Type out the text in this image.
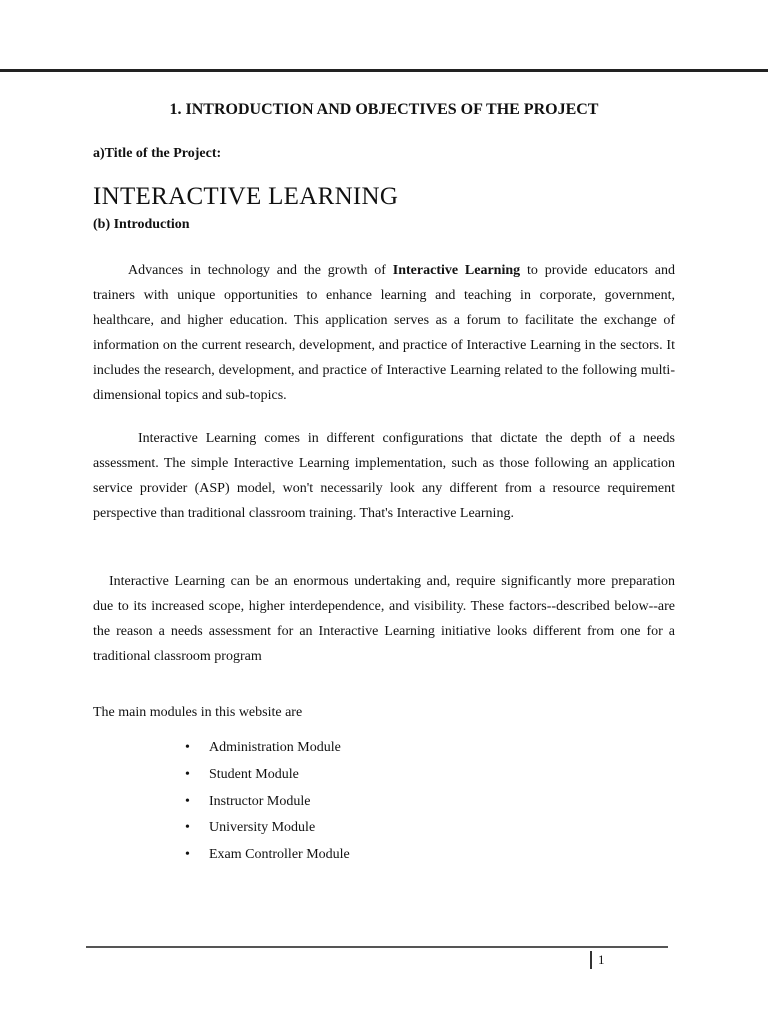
1. INTRODUCTION AND OBJECTIVES OF THE PROJECT
a)Title of the Project:
INTERACTIVE LEARNING
(b) Introduction

Advances in technology and the growth of Interactive Learning to provide educators and trainers with unique opportunities to enhance learning and teaching in corporate, government, healthcare, and higher education. This application serves as a forum to facilitate the exchange of information on the current research, development, and practice of Interactive Learning in the sectors. It includes the research, development, and practice of Interactive Learning related to the following multi-dimensional topics and sub-topics.

Interactive Learning comes in different configurations that dictate the depth of a needs assessment. The simple Interactive Learning implementation, such as those following an application service provider (ASP) model, won't necessarily look any different from a resource requirement perspective than traditional classroom training. That's Interactive Learning.

Interactive Learning can be an enormous undertaking and, require significantly more preparation due to its increased scope, higher interdependence, and visibility. These factors--described below--are the reason a needs assessment for an Interactive Learning initiative looks different from one for a traditional classroom program

The main modules in this website are
• Administration Module
• Student Module
• Instructor Module
• University Module
• Exam Controller Module
1
